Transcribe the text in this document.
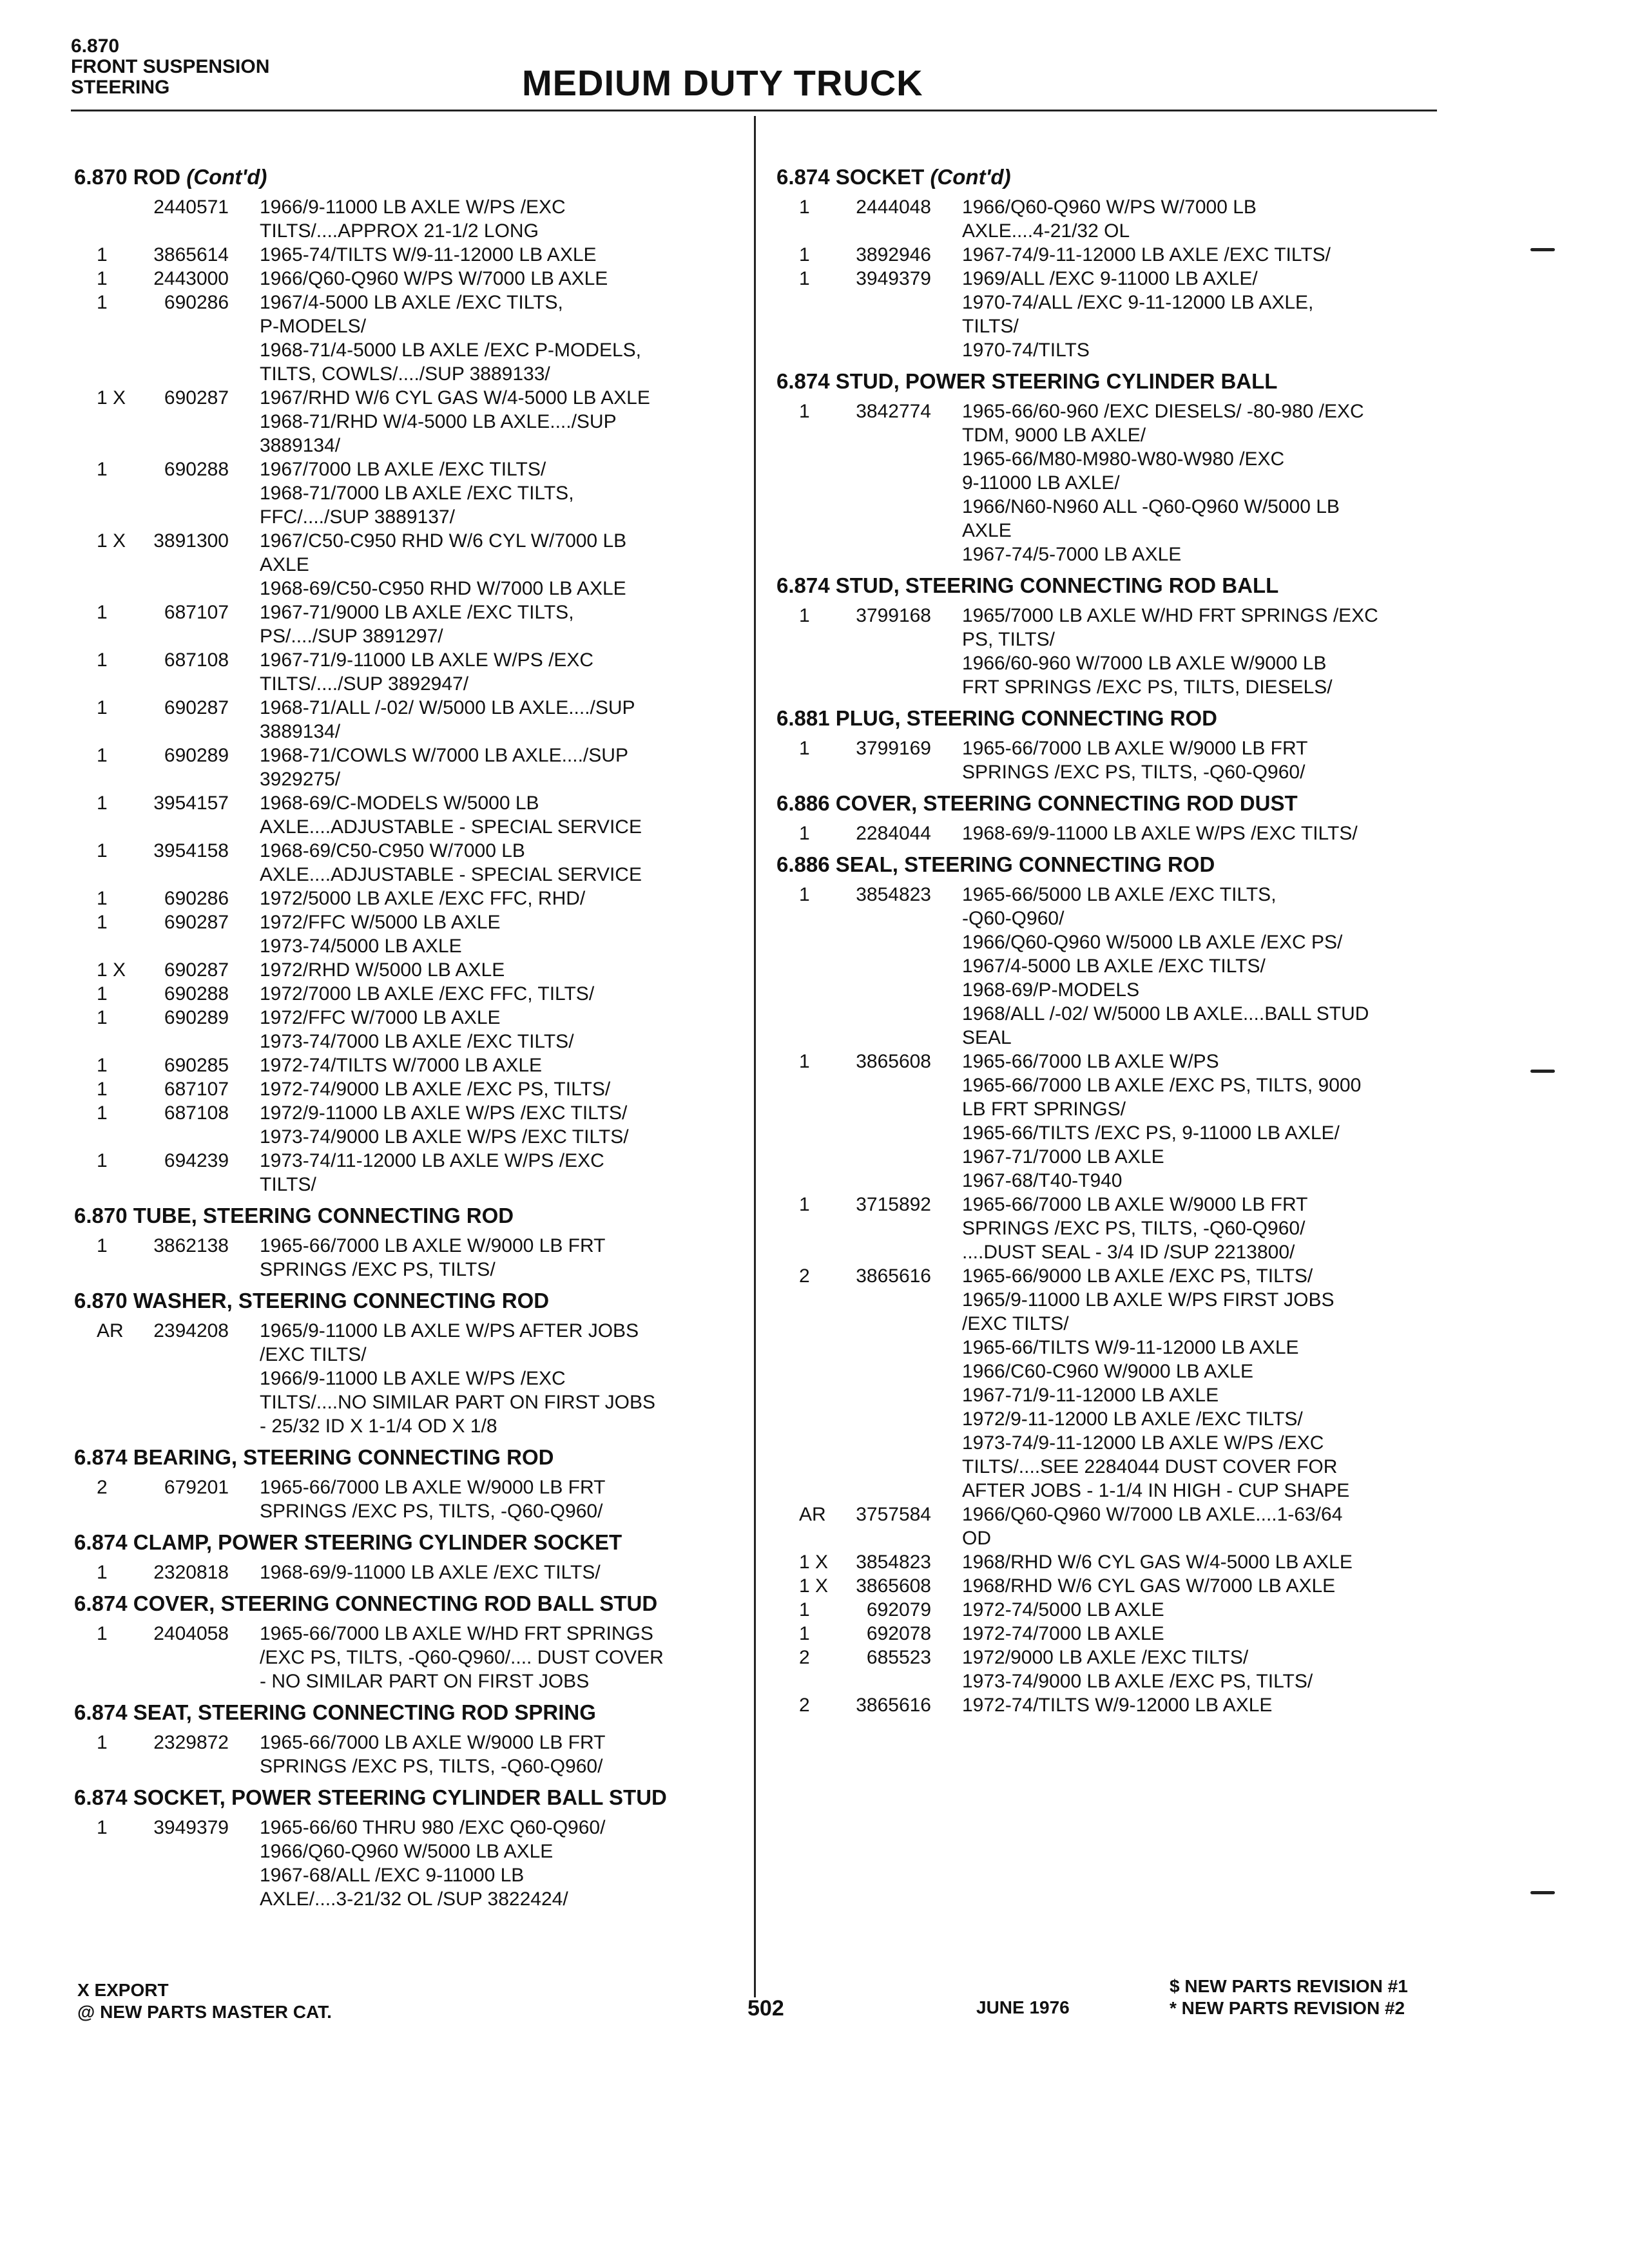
6.870
FRONT SUSPENSION
STEERING	MEDIUM DUTY TRUCK
6.870 ROD (Cont'd)
2440571 1966/9-11000 LB AXLE W/PS /EXC
TILTS/....APPROX 21-1/2 LONG
1	3865614 1965-74/TILTS W/9-11-12000 LB AXLE
1	2443000 1966/Q60-Q960 W/PS W/7000 LB AXLE
1	690286 1967/4-5000 LB AXLE /EXC TILTS,
P-MODELS/
1968-71/4-5000 LB AXLE /EXC P-MODELS,
TILTS, COWLS/..../SUP 3889133/
1 X	690287 1967/RHD W/6 CYL GAS W/4-5000 LB AXLE
1968-71/RHD W/4-5000 LB AXLE..../SUP
3889134/
1	690288 1967/7000 LB AXLE /EXC TILTS/
1968-71/7000 LB AXLE /EXC TILTS,
FFC/..../SUP 3889137/
1 X	3891300 1967/C50-C950 RHD W/6 CYL W/7000 LB
AXLE
1968-69/C50-C950 RHD W/7000 LB AXLE
1	687107 1967-71/9000 LB AXLE /EXC TILTS,
PS/..../SUP 3891297/
1	687108 1967-71/9-11000 LB AXLE W/PS /EXC
TILTS/..../SUP 3892947/
1	690287 1968-71/ALL /-02/ W/5000 LB AXLE..../SUP
3889134/
1	690289 1968-71/COWLS W/7000 LB AXLE..../SUP
3929275/
1	3954157 1968-69/C-MODELS W/5000 LB
AXLE....ADJUSTABLE - SPECIAL SERVICE
1	3954158 1968-69/C50-C950 W/7000 LB
AXLE....ADJUSTABLE - SPECIAL SERVICE
1	690286 1972/5000 LB AXLE /EXC FFC, RHD/
1	690287 1972/FFC W/5000 LB AXLE
1973-74/5000 LB AXLE
1 X	690287 1972/RHD W/5000 LB AXLE
1	690288 1972/7000 LB AXLE /EXC FFC, TILTS/
1	690289 1972/FFC W/7000 LB AXLE
1973-74/7000 LB AXLE /EXC TILTS/
1	690285 1972-74/TILTS W/7000 LB AXLE
1	687107 1972-74/9000 LB AXLE /EXC PS, TILTS/
1	687108 1972/9-11000 LB AXLE W/PS /EXC TILTS/
1973-74/9000 LB AXLE W/PS /EXC TILTS/
1	694239 1973-74/11-12000 LB AXLE W/PS /EXC
TILTS/
6.870 TUBE, STEERING CONNECTING ROD
1	3862138 1965-66/7000 LB AXLE W/9000 LB FRT
SPRINGS /EXC PS, TILTS/
6.870 WASHER, STEERING CONNECTING ROD
AR	2394208 1965/9-11000 LB AXLE W/PS AFTER JOBS
/EXC TILTS/
1966/9-11000 LB AXLE W/PS /EXC
TILTS/....NO SIMILAR PART ON FIRST JOBS
- 25/32 ID X 1-1/4 OD X 1/8
6.874 BEARING, STEERING CONNECTING ROD
2	679201 1965-66/7000 LB AXLE W/9000 LB FRT
SPRINGS /EXC PS, TILTS, -Q60-Q960/
6.874 CLAMP, POWER STEERING CYLINDER SOCKET
1	2320818 1968-69/9-11000 LB AXLE /EXC TILTS/
6.874 COVER, STEERING CONNECTING ROD BALL STUD
1	2404058 1965-66/7000 LB AXLE W/HD FRT SPRINGS
/EXC PS, TILTS, -Q60-Q960/.... DUST COVER
- NO SIMILAR PART ON FIRST JOBS
6.874 SEAT, STEERING CONNECTING ROD SPRING
1	2329872 1965-66/7000 LB AXLE W/9000 LB FRT
SPRINGS /EXC PS, TILTS, -Q60-Q960/
6.874 SOCKET, POWER STEERING CYLINDER BALL STUD
1	3949379 1965-66/60 THRU 980 /EXC Q60-Q960/
1966/Q60-Q960 W/5000 LB AXLE
1967-68/ALL /EXC 9-11000 LB
AXLE/....3-21/32 OL /SUP 3822424/
6.874 SOCKET (Cont'd)
1	2444048 1966/Q60-Q960 W/PS W/7000 LB
AXLE....4-21/32 OL
1	3892946 1967-74/9-11-12000 LB AXLE /EXC TILTS/
1	3949379 1969/ALL /EXC 9-11000 LB AXLE/
1970-74/ALL /EXC 9-11-12000 LB AXLE,
TILTS/
1970-74/TILTS
6.874 STUD, POWER STEERING CYLINDER BALL
1	3842774 1965-66/60-960 /EXC DIESELS/ -80-980 /EXC
TDM, 9000 LB AXLE/
1965-66/M80-M980-W80-W980 /EXC
9-11000 LB AXLE/
1966/N60-N960 ALL -Q60-Q960 W/5000 LB
AXLE
1967-74/5-7000 LB AXLE
6.874 STUD, STEERING CONNECTING ROD BALL
1	3799168 1965/7000 LB AXLE W/HD FRT SPRINGS /EXC
PS, TILTS/
1966/60-960 W/7000 LB AXLE W/9000 LB
FRT SPRINGS /EXC PS, TILTS, DIESELS/
6.881 PLUG, STEERING CONNECTING ROD
1	3799169 1965-66/7000 LB AXLE W/9000 LB FRT
SPRINGS /EXC PS, TILTS, -Q60-Q960/
6.886 COVER, STEERING CONNECTING ROD DUST
1	2284044 1968-69/9-11000 LB AXLE W/PS /EXC TILTS/
6.886 SEAL, STEERING CONNECTING ROD
1	3854823 1965-66/5000 LB AXLE /EXC TILTS,
-Q60-Q960/
1966/Q60-Q960 W/5000 LB AXLE /EXC PS/
1967/4-5000 LB AXLE /EXC TILTS/
1968-69/P-MODELS
1968/ALL /-02/ W/5000 LB AXLE....BALL STUD
SEAL
1	3865608 1965-66/7000 LB AXLE W/PS
1965-66/7000 LB AXLE /EXC PS, TILTS, 9000
LB FRT SPRINGS/
1965-66/TILTS /EXC PS, 9-11000 LB AXLE/
1967-71/7000 LB AXLE
1967-68/T40-T940
1	3715892 1965-66/7000 LB AXLE W/9000 LB FRT
SPRINGS /EXC PS, TILTS, -Q60-Q960/
....DUST SEAL - 3/4 ID /SUP 2213800/
2	3865616 1965-66/9000 LB AXLE /EXC PS, TILTS/
1965/9-11000 LB AXLE W/PS FIRST JOBS
/EXC TILTS/
1965-66/TILTS W/9-11-12000 LB AXLE
1966/C60-C960 W/9000 LB AXLE
1967-71/9-11-12000 LB AXLE
1972/9-11-12000 LB AXLE /EXC TILTS/
1973-74/9-11-12000 LB AXLE W/PS /EXC
TILTS/....SEE 2284044 DUST COVER FOR
AFTER JOBS - 1-1/4 IN HIGH - CUP SHAPE
AR	3757584 1966/Q60-Q960 W/7000 LB AXLE....1-63/64
OD
1 X	3854823 1968/RHD W/6 CYL GAS W/4-5000 LB AXLE
1 X	3865608 1968/RHD W/6 CYL GAS W/7000 LB AXLE
1	692079 1972-74/5000 LB AXLE
1	692078 1972-74/7000 LB AXLE
2	685523 1972/9000 LB AXLE /EXC TILTS/
1973-74/9000 LB AXLE /EXC PS, TILTS/
2	3865616 1972-74/TILTS W/9-12000 LB AXLE
X EXPORT
@ NEW PARTS MASTER CAT.	502	JUNE 1976
$ NEW PARTS REVISION #1
* NEW PARTS REVISION #2
